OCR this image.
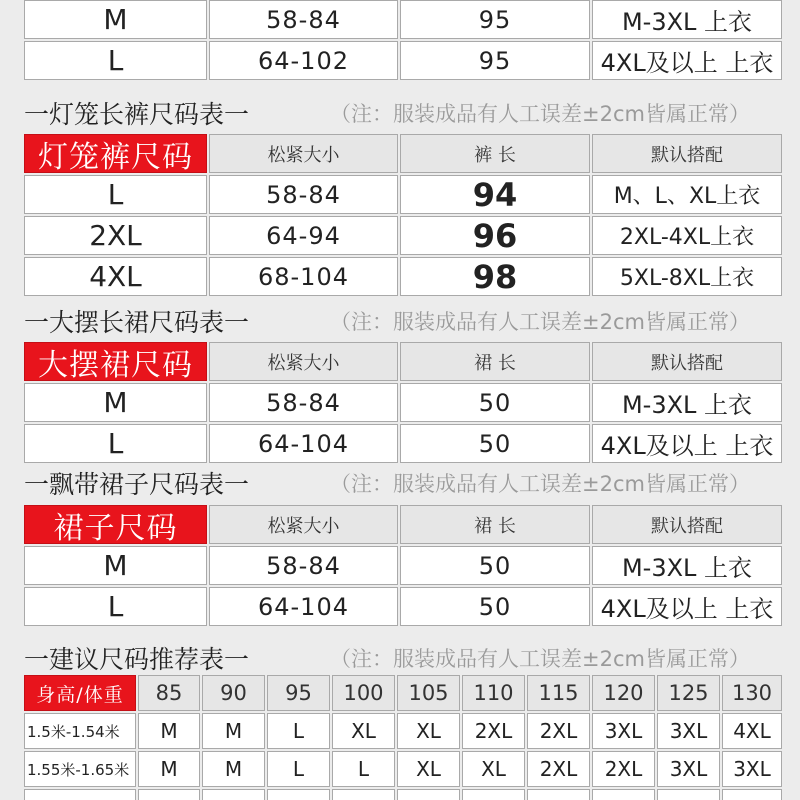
M	58-84	95	M-3XL 上衣
L	64-102	95	4XL及以上 上衣
一灯笼长裤尺码表一	（注：服装成品有人工误差±2cm皆属正常）
灯笼裤尺码	松紧大小	裤 长	默认搭配
L	58-84	94	M、L、XL上衣
2XL	64-94	96	2XL-4XL上衣
4XL	68-104	98	5XL-8XL上衣
一大摆长裙尺码表一	（注：服装成品有人工误差±2cm皆属正常）
大摆裙尺码	松紧大小	裙 长	默认搭配
M	58-84	50	M-3XL 上衣
L	64-104	50	4XL及以上 上衣
一飘带裙子尺码表一	（注：服装成品有人工误差±2cm皆属正常）
裙子尺码	松紧大小	裙 长	默认搭配
M	58-84	50	M-3XL 上衣
L	64-104	50	4XL及以上 上衣
一建议尺码推荐表一	（注：服装成品有人工误差±2cm皆属正常）
身高/体重	85	90	95	100	105	110	115	120	125	130
1.5米-1.54米	M	M	L	XL	XL	2XL	2XL	3XL	3XL	4XL
1.55米-1.65米	M	M	L	L	XL	XL	2XL	2XL	3XL	3XL
